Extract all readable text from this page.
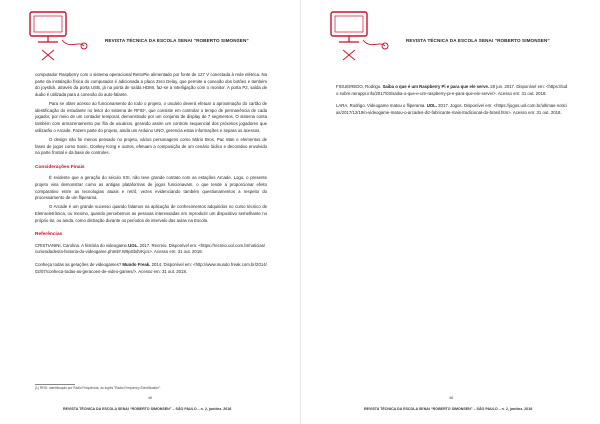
REVISTA TÉCNICA DA ESCOLA SENAI “ROBERTO SIMONSEN”

computador Raspberry com o sistema operacional RetroPie alimentado por fonte de 127 V conectada à rede elétrica. Na parte da instalação física do computador é adicionada a placa Zero Delay, que permite a conexão dos botões e também do joystick, através da porta USB, já na porta de saída HDMI, faz-se a interligação com o monitor. A porta P2, saída de áudio é utilizada para a conexão do auto-falante.

Para se obter acesso ao funcionamento do todo o projeto, o usuário deverá efetuar a aproximação do cartão de identificação do estudante no leitor do sistema de RFID¹, que consiste em controlar o tempo de permanência de cada jogador, por meio de um contador temporal, demonstrado por um conjunto de display de 7 segmentos. O sistema conta também com armazenamento por fila de usuários, gerando assim um controle sequencial dos próximos jogadores que utilizarão o Arcade. Fazem parte do projeto, ainda um Arduino UNO, gerencia estas informações e separa os acessos.

O design não foi menos pensado no projeto, vários personagens como Mário Bros, Pac Man e elementos de fases de jogos como Sonic, Donkey Kong e outros, efetuam a composição de um cenário lúdico e decorativo envolvido na parte frontal e da base de controles.

Considerações Finais

É evidente que a geração do século XXI, não teve grande contato com as estações Arcade. Logo, o presente projeto visa demonstrar como as antigas plataformas de jogos funcionavam, o que tende a proporcionar efeito comparativo entre as tecnologias atuais e retrô, vezes evidenciando também questionamentos a respeito do processamento de um fliperama.

O Arcade é um grande sucesso quando falamos na aplicação de conhecimentos adquiridos no curso técnico de Eletroeletrônica, ou mesmo, quando percebemos as pessoas interessadas em reproduzir um dispositivo semelhante no próprio lar, ou ainda, como distração durante os períodos de intervalo das aulas na Escola.

Referências
CRISTIANINI, Carolina. A história do videogame.UOL. 2017. Recreio. Disponível em: <https://recreio.uol.com.br/noticias/curiosidades/a-historia-do-videogame.phtml#.W9pSbdVKjcs>. Acesso em: 31 out. 2018.
Conheça todas as gerações de videogames? Mundo Freak. 2014. Disponível em: <http://www.mundo freak.com.br/2014/02/07/conheca-todas-as-geracoes-de-video-games/>. Acesso em: 31 out. 2018.
(1) RFID: Identificação por Rádio Frequência, do Inglês "Radio-Frequency IDentification".
46
REVISTA TÉCNICA DA ESCOLA SENAI “ROBERTO SIMONSEN” – SÃO PAULO – n. 2, jun/dez. 2018
REVISTA TÉCNICA DA ESCOLA SENAI “ROBERTO SIMONSEN”
FIGUEIREDO, Rodrigo. Saiba o que é um Raspberry Pi e para que ele serve. 28 jun. 2017. Disponível em: <https://tudo sobre.nerappr.info/2017/03/saiba-o-que-e-um-raspberry-pi-e-para-que-ele-serve/>. Acesso em: 31 out. 2018.
LARA, Rodrigo. Videogame matou o fliperama. UOL. 2017. Jogos. Disponível em: <https://jogos.uol.com.br/ultimas-noticias/2017/12/19/o-videogame-matou-o-arcades-diz-fabricante-mais-tradicional-do-brasil.htm>. Acesso em: 31 out. 2018.
48
REVISTA TÉCNICA DA ESCOLA SENAI “ROBERTO SIMONSEN” – SÃO PAULO – n. 2, jun/dez. 2018
